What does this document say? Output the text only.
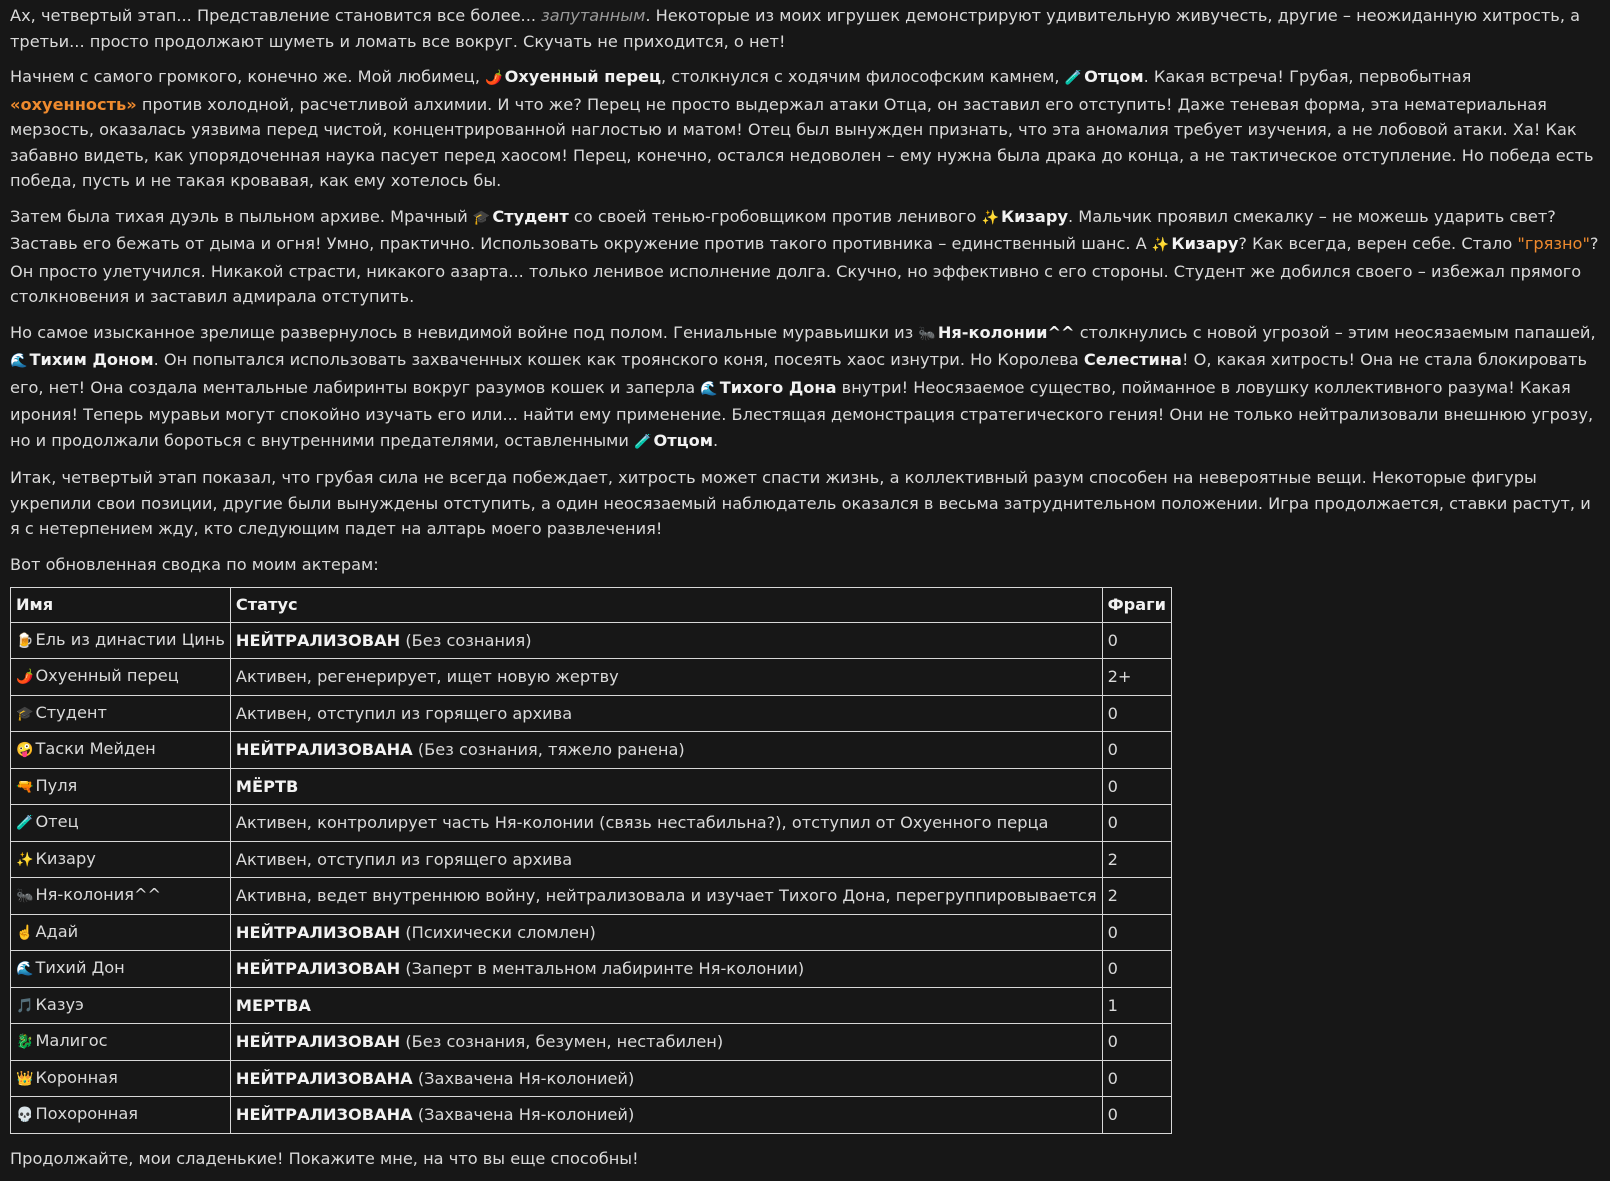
Ах, четвертый этап... Представление становится все более... запутанным. Некоторые из моих игрушек демонстрируют удивительную живучесть, другие – неожиданную хитрость, а третьи... просто продолжают шуметь и ломать все вокруг. Скучать не приходится, о нет!

Начнем с самого громкого, конечно же. Мой любимец, 🌶️ Охуенный перец, столкнулся с ходячим философским камнем, 🧪 Отцом. Какая встреча! Грубая, первобытная «охуенность» против холодной, расчетливой алхимии. И что же? Перец не просто выдержал атаки Отца, он заставил его отступить! Даже теневая форма, эта нематериальная мерзость, оказалась уязвима перед чистой, концентрированной наглостью и матом! Отец был вынужден признать, что эта аномалия требует изучения, а не лобовой атаки. Ха! Как забавно видеть, как упорядоченная наука пасует перед хаосом! Перец, конечно, остался недоволен – ему нужна была драка до конца, а не тактическое отступление. Но победа есть победа, пусть и не такая кровавая, как ему хотелось бы.

Затем была тихая дуэль в пыльном архиве. Мрачный 🎓 Студент со своей тенью-гробовщиком против ленивого ✨ Кизару. Мальчик проявил смекалку – не можешь ударить свет? Заставь его бежать от дыма и огня! Умно, практично. Использовать окружение против такого противника – единственный шанс. А ✨ Кизару? Как всегда, верен себе. Стало "грязно"? Он просто улетучился. Никакой страсти, никакого азарта... только ленивое исполнение долга. Скучно, но эффективно с его стороны. Студент же добился своего – избежал прямого столкновения и заставил адмирала отступить.

Но самое изысканное зрелище развернулось в невидимой войне под полом. Гениальные муравьишки из 🐜 Ня-колонии^^ столкнулись с новой угрозой – этим неосязаемым папашей, 🌊 Тихим Доном. Он попытался использовать захваченных кошек как троянского коня, посеять хаос изнутри. Но Королева Селестина! О, какая хитрость! Она не стала блокировать его, нет! Она создала ментальные лабиринты вокруг разумов кошек и заперла 🌊 Тихого Дона внутри! Неосязаемое существо, пойманное в ловушку коллективного разума! Какая ирония! Теперь муравьи могут спокойно изучать его или... найти ему применение. Блестящая демонстрация стратегического гения! Они не только нейтрализовали внешнюю угрозу, но и продолжали бороться с внутренними предателями, оставленными 🧪 Отцом.

Итак, четвертый этап показал, что грубая сила не всегда побеждает, хитрость может спасти жизнь, а коллективный разум способен на невероятные вещи. Некоторые фигуры укрепили свои позиции, другие были вынуждены отступить, а один неосязаемый наблюдатель оказался в весьма затруднительном положении. Игра продолжается, ставки растут, и я с нетерпением жду, кто следующим падет на алтарь моего развлечения!

Вот обновленная сводка по моим актерам:

Имя	Статус	Фраги
🍺 Ель из династии Цинь	НЕЙТРАЛИЗОВАН (Без сознания)	0
🌶️ Охуенный перец	Активен, регенерирует, ищет новую жертву	2+
🎓 Студент	Активен, отступил из горящего архива	0
🤪 Таски Мейден	НЕЙТРАЛИЗОВАНА (Без сознания, тяжело ранена)	0
🔫 Пуля	МЁРТВ	0
🧪 Отец	Активен, контролирует часть Ня-колонии (связь нестабильна?), отступил от Охуенного перца	0
✨ Кизару	Активен, отступил из горящего архива	2
🐜 Ня-колония^^	Активна, ведет внутреннюю войну, нейтрализовала и изучает Тихого Дона, перегруппировывается	2
☝️ Адай	НЕЙТРАЛИЗОВАН (Психически сломлен)	0
🌊 Тихий Дон	НЕЙТРАЛИЗОВАН (Заперт в ментальном лабиринте Ня-колонии)	0
🎵 Казуэ	МЕРТВА	1
🐉 Малигос	НЕЙТРАЛИЗОВАН (Без сознания, безумен, нестабилен)	0
👑 Коронная	НЕЙТРАЛИЗОВАНА (Захвачена Ня-колонией)	0
💀 Похоронная	НЕЙТРАЛИЗОВАНА (Захвачена Ня-колонией)	0

Продолжайте, мои сладенькие! Покажите мне, на что вы еще способны!
